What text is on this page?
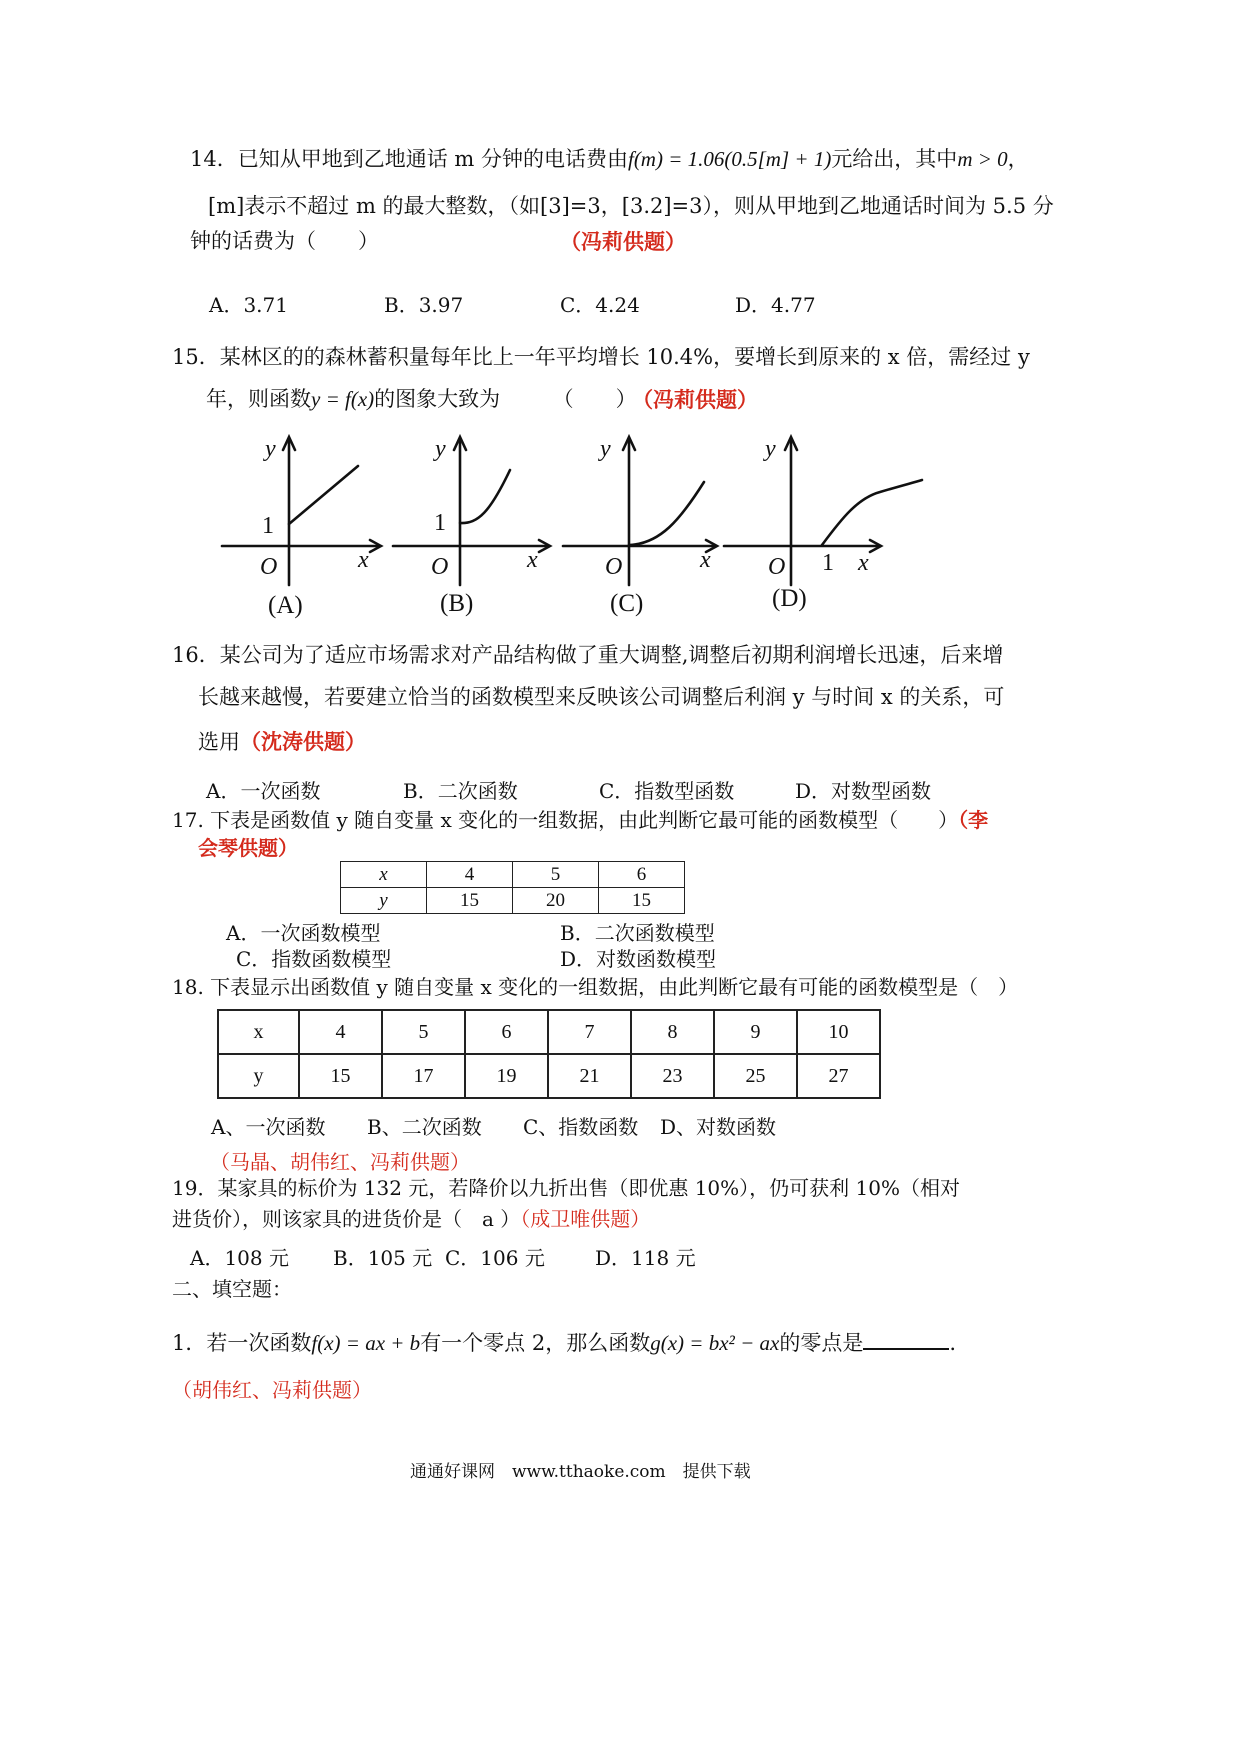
14．已知从甲地到乙地通话 m 分钟的电话费由f(m) = 1.06(0.5[m] + 1)元给出，其中m > 0，
[m]表示不超过 m 的最大整数，（如[3]=3，[3.2]=3），则从甲地到乙地通话时间为 5.5 分
钟的话费为（　　）	（冯莉供题）
A．3.71	B．3.97	C．4.24	D．4.77
15．某林区的的森林蓄积量每年比上一年平均增长 10.4%，要增长到原来的 x 倍，需经过 y
年，则函数y = f(x)的图象大致为　　　（　　）
（冯莉供题）
y
1
O	x
(A)
y
1
O	x
(B)
y
O	x
(C)
y
O 1 x
(D)
16．某公司为了适应市场需求对产品结构做了重大调整,调整后初期利润增长迅速，后来增
长越来越慢，若要建立恰当的函数模型来反映该公司调整后利润 y 与时间 x 的关系，可
选用（沈涛供题）
A．一次函数	B．二次函数	C．指数型函数	D．对数型函数
17. 下表是函数值 y 随自变量 x 变化的一组数据，由此判断它最可能的函数模型（　　）（李
会琴供题）
x	4	5	6
y	15	20	15
A．一次函数模型	B．二次函数模型
C．指数函数模型	D．对数函数模型
18. 下表显示出函数值 y 随自变量 x 变化的一组数据，由此判断它最有可能的函数模型是（　）
x	4	5	6	7	8	9	10
y	15	17	19	21	23	25	27
A、一次函数 B、二次函数 C、指数函数 D、对数函数
（马晶、胡伟红、冯莉供题）
19．某家具的标价为 132 元，若降价以九折出售（即优惠 10%），仍可获利 10%（相对
进货价），则该家具的进货价是（　a ）（成卫唯供题）
A．108 元 B．105 元 C．106 元	D．118 元
二、填空题：
1．若一次函数f(x) = ax + b有一个零点 2，那么函数g(x) = bx² − ax的零点是	.
（胡伟红、冯莉供题）
通通好课网　www.tthaoke.com　提供下载
